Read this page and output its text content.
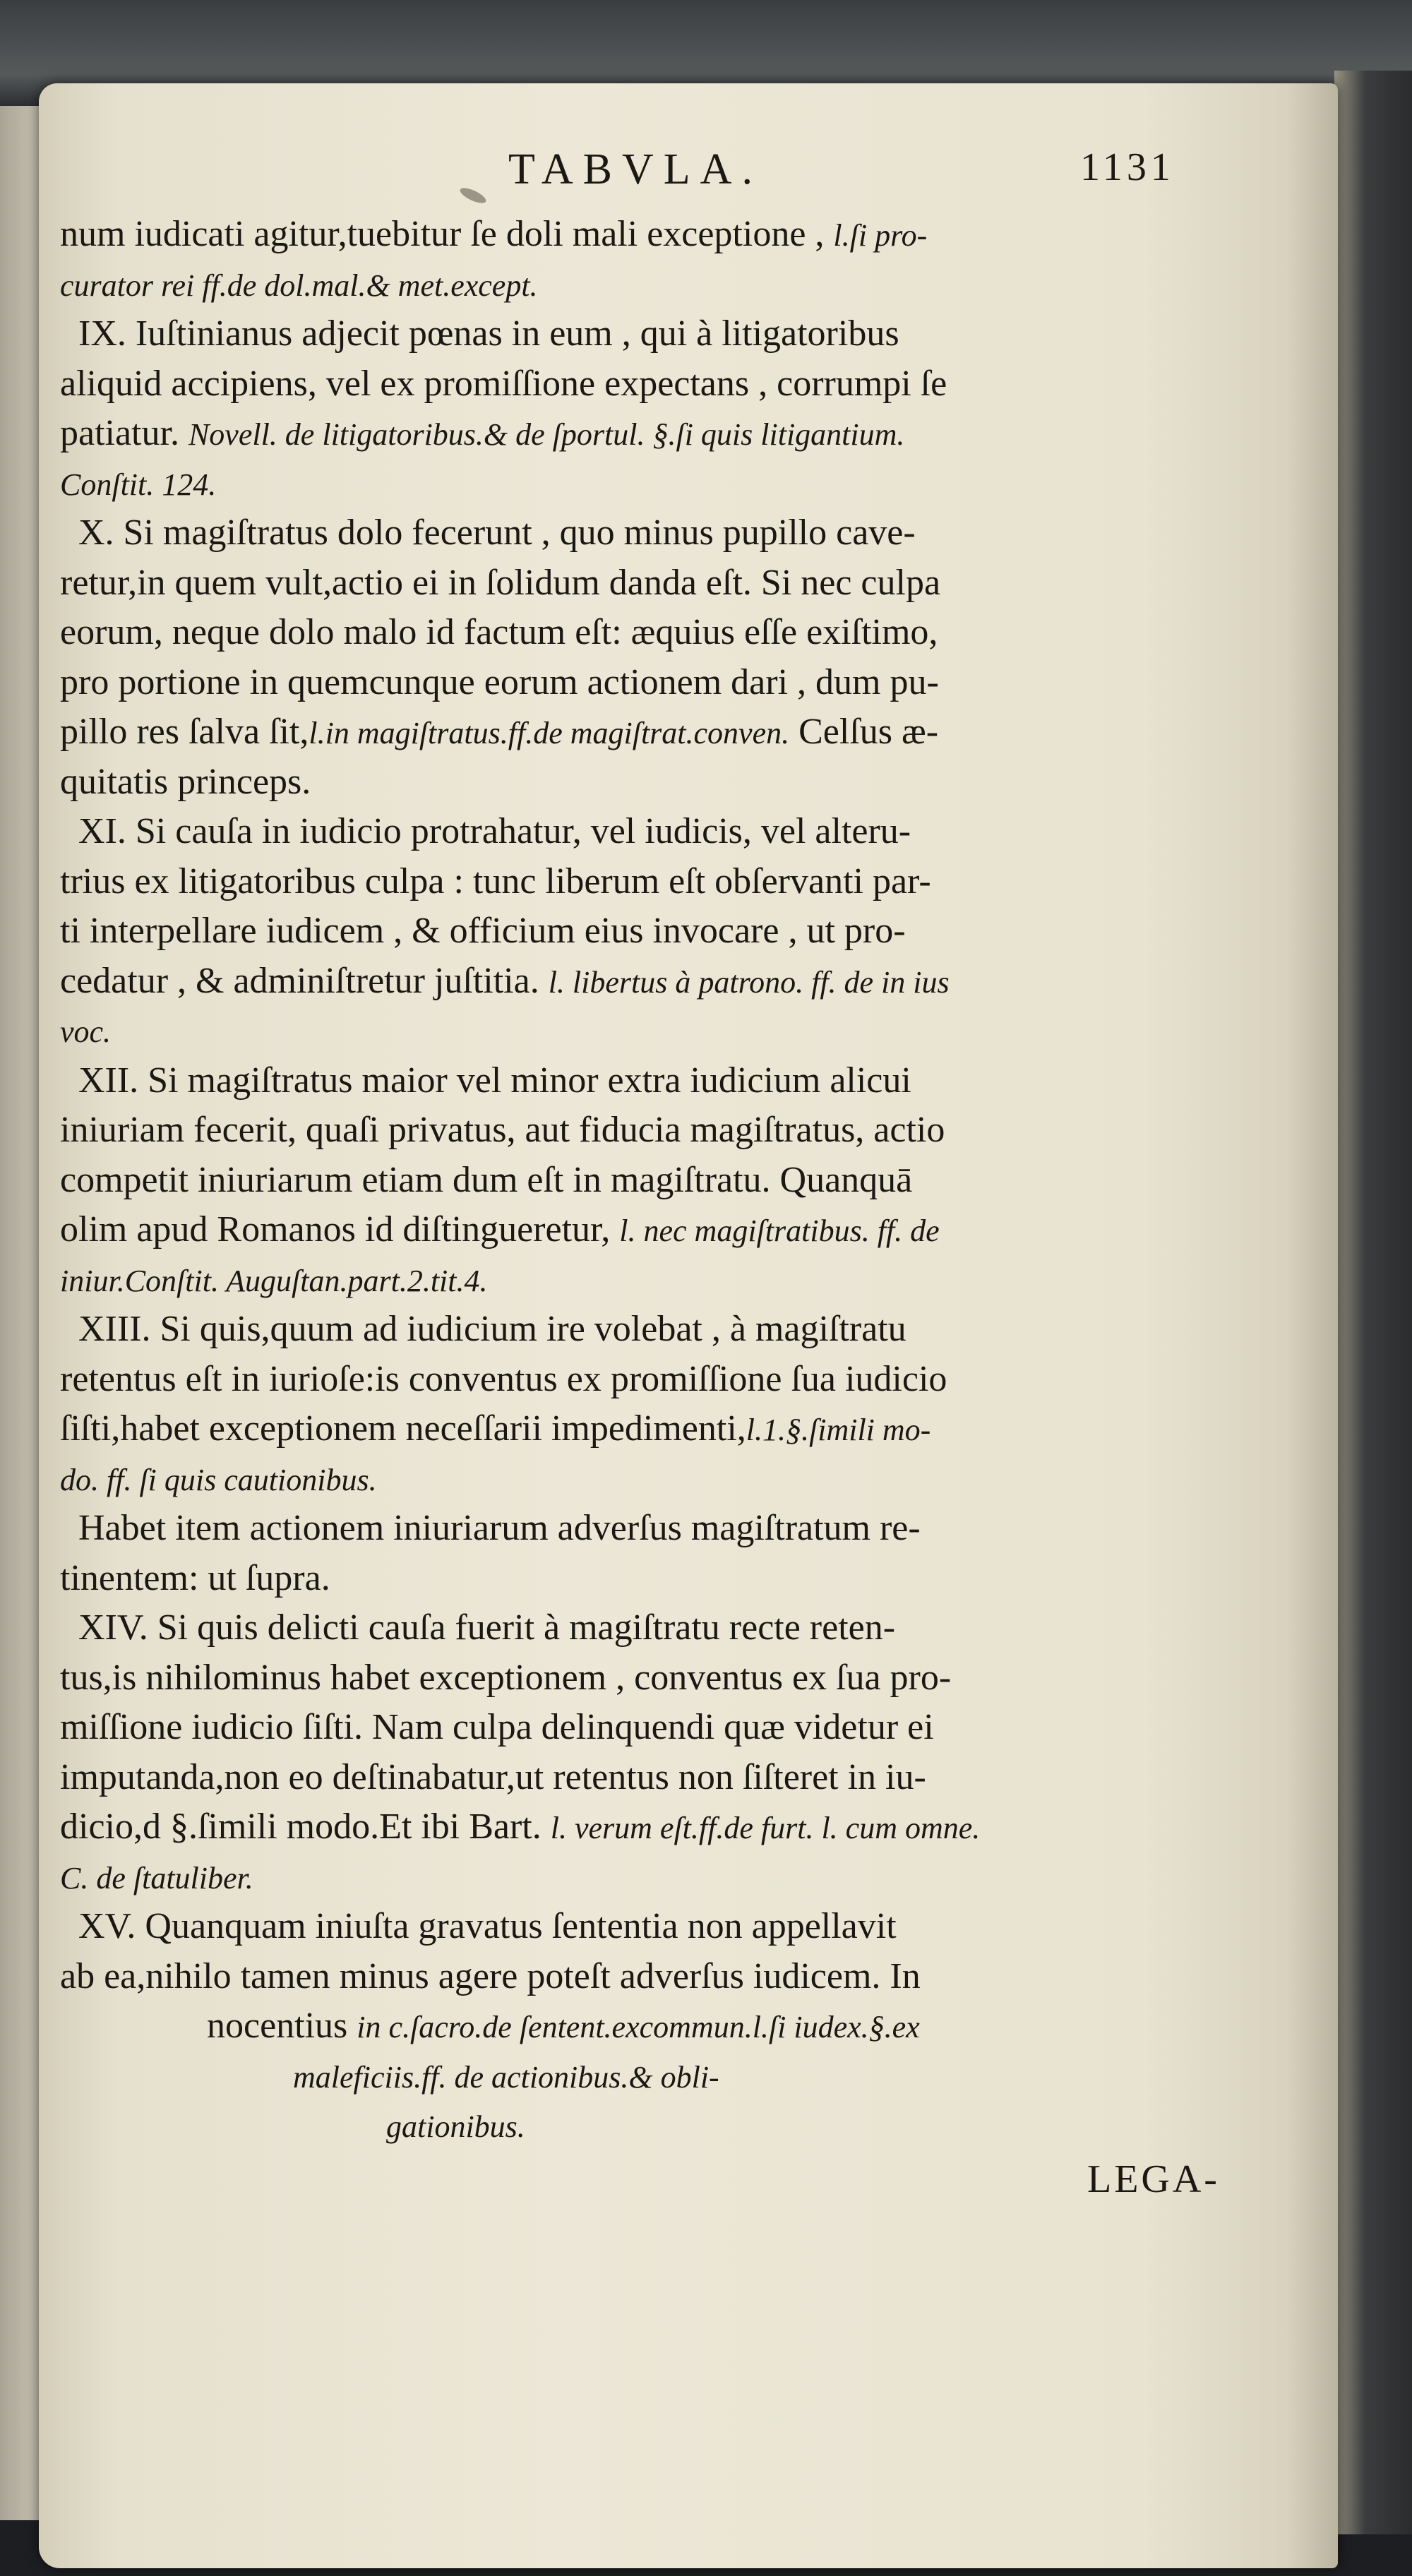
TABVLA.	1131
num iudicati agitur,tuebitur ſe doli mali exceptione , l.ſi pro-
curator rei ff.de dol.mal.& met.except.
IX. Iuſtinianus adjecit pœnas in eum , qui à litigatoribus
aliquid accipiens, vel ex promiſſione expectans , corrumpi ſe
patiatur. Novell. de litigatoribus.& de ſportul. §.ſi quis litigantium.
Conſtit. 124.
X. Si magiſtratus dolo fecerunt , quo minus pupillo cave-
retur,in quem vult,actio ei in ſolidum danda eſt. Si nec culpa
eorum, neque dolo malo id factum eſt: æquius eſſe exiſtimo,
pro portione in quemcunque eorum actionem dari , dum pu-
pillo res ſalva ſit,l.in magiſtratus.ff.de magiſtrat.conven. Celſus æ-
quitatis princeps.
XI. Si cauſa in iudicio protrahatur, vel iudicis, vel alteru-
trius ex litigatoribus culpa : tunc liberum eſt obſervanti par-
ti interpellare iudicem , & officium eius invocare , ut pro-
cedatur , & adminiſtretur juſtitia. l. libertus à patrono. ff. de in ius
voc.
XII. Si magiſtratus maior vel minor extra iudicium alicui
iniuriam fecerit, quaſi privatus, aut fiducia magiſtratus, actio
competit iniuriarum etiam dum eſt in magiſtratu. Quanquā
olim apud Romanos id diſtingueretur, l. nec magiſtratibus. ff. de
iniur.Conſtit. Auguſtan.part.2.tit.4.
XIII. Si quis,quum ad iudicium ire volebat , à magiſtratu
retentus eſt in iurioſe:is conventus ex promiſſione ſua iudicio
ſiſti,habet exceptionem neceſſarii impedimenti,l.1.§.ſimili mo-
do. ff. ſi quis cautionibus.
Habet item actionem iniuriarum adverſus magiſtratum re-
tinentem: ut ſupra.
XIV. Si quis delicti cauſa fuerit à magiſtratu recte reten-
tus,is nihilominus habet exceptionem , conventus ex ſua pro-
miſſione iudicio ſiſti. Nam culpa delinquendi quæ videtur ei
imputanda,non eo deſtinabatur,ut retentus non ſiſteret in iu-
dicio,d §.ſimili modo.Et ibi Bart. l. verum eſt.ff.de furt. l. cum omne.
C. de ſtatuliber.
XV. Quanquam iniuſta gravatus ſententia non appellavit
ab ea,nihilo tamen minus agere poteſt adverſus iudicem. In
nocentius in c.ſacro.de ſentent.excommun.l.ſi iudex.§.ex
maleficiis.ff. de actionibus.& obli-
gationibus.
LEGA-
